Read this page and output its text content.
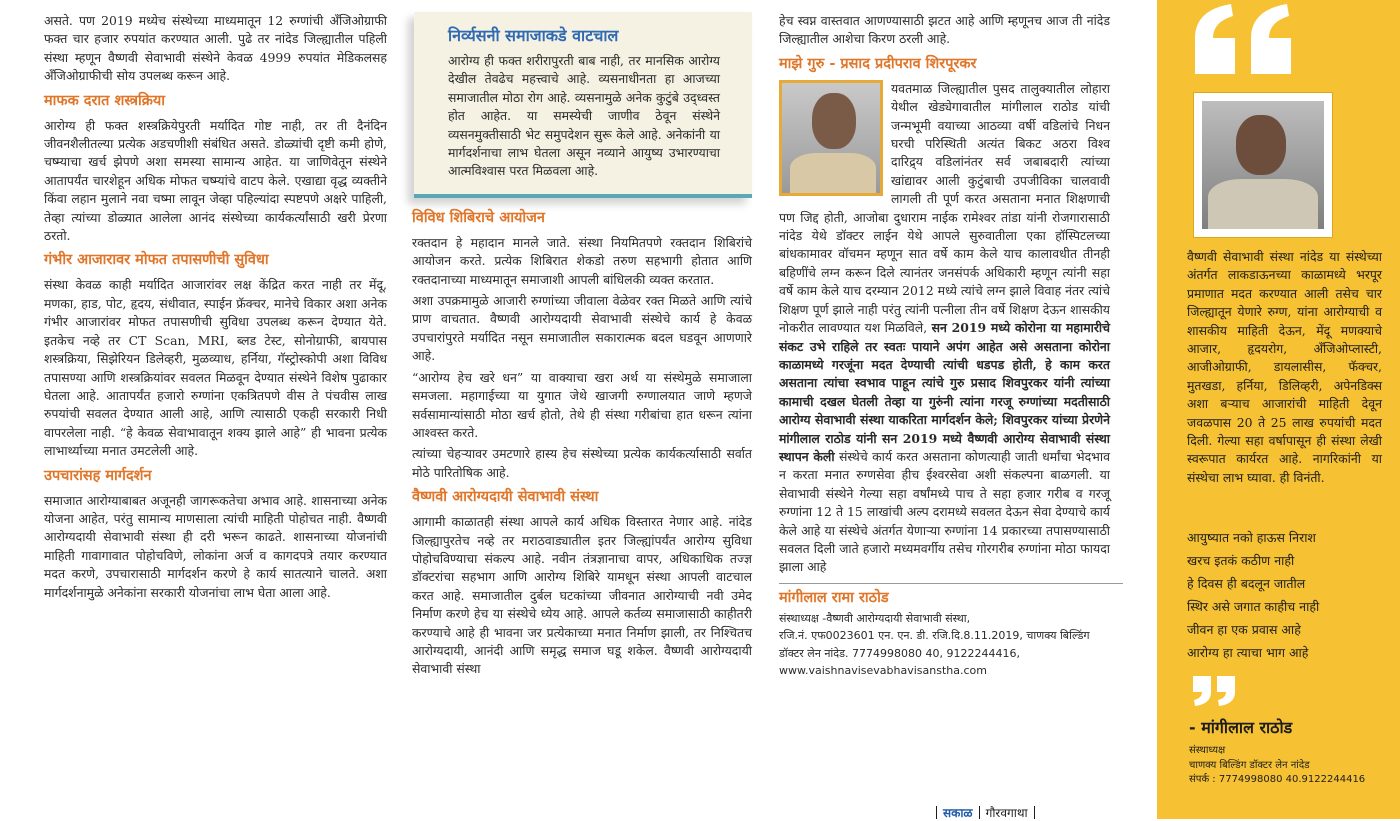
असते. पण 2019 मध्येच संस्थेच्या माध्यमातून 12 रुग्णांची अँजिओग्राफी फक्त चार हजार रुपयांत करण्यात आली. पुढे तर नांदेड जिल्ह्यातील पहिली संस्था म्हणून वैष्णवी सेवाभावी संस्थेने केवळ 4999 रुपयांत मेडिकलसह अँजिओग्राफीची सोय उपलब्ध करून आहे.

माफक दरात शस्त्रक्रिया

आरोग्य ही फक्त शस्त्रक्रियेपुरती मर्यादित गोष्ट नाही, तर ती दैनंदिन जीवनशैलीतल्या प्रत्येक अडचणीशी संबंधित असते. डोळ्यांची दृष्टी कमी होणे, चष्म्याचा खर्च झेपणे अशा समस्या सामान्य आहेत. या जाणिवेतून संस्थेने आतापर्यंत चारशेहून अधिक मोफत चष्म्यांचे वाटप केले. एखाद्या वृद्ध व्यक्तीने किंवा लहान मुलाने नवा चष्मा लावून जेव्हा पहिल्यांदा स्पष्टपणे अक्षरे पाहिली, तेव्हा त्यांच्या डोळ्यात आलेला आनंद संस्थेच्या कार्यकर्त्यांसाठी खरी प्रेरणा ठरतो.

गंभीर आजारावर मोफत तपासणीची सुविधा

संस्था केवळ काही मर्यादित आजारांवर लक्ष केंद्रित करत नाही तर मेंदू, मणका, हाड, पोट, हृदय, संधीवात, स्पाईन फ्रॅक्चर, मानेचे विकार अशा अनेक गंभीर आजारांवर मोफत तपासणीची सुविधा उपलब्ध करून देण्यात येते. इतकेच नव्हे तर CT Scan, MRI, ब्लड टेस्ट, सोनोग्राफी, बायपास शस्त्रक्रिया, सिझेरियन डिलेव्हरी, मुळव्याध, हर्निया, गॅस्ट्रोस्कोपी अशा विविध तपासण्या आणि शस्त्रक्रियांवर सवलत मिळवून देण्यात संस्थेने विशेष पुढाकार घेतला आहे. आतापर्यंत हजारो रुग्णांना एकत्रितपणे वीस ते पंचवीस लाख रुपयांची सवलत देण्यात आली आहे, आणि त्यासाठी एकही सरकारी निधी वापरलेला नाही. “हे केवळ सेवाभावातून शक्य झाले आहे” ही भावना प्रत्येक लाभार्थ्याच्या मनात उमटलेली आहे.

उपचारांसह मार्गदर्शन

समाजात आरोग्याबाबत अजूनही जागरूकतेचा अभाव आहे. शासनाच्या अनेक योजना आहेत, परंतु सामान्य माणसाला त्यांची माहिती पोहोचत नाही. वैष्णवी आरोग्यदायी सेवाभावी संस्था ही दरी भरून काढते. शासनाच्या योजनांची माहिती गावागावात पोहोचविणे, लोकांना अर्ज व कागदपत्रे तयार करण्यात मदत करणे, उपचारासाठी मार्गदर्शन करणे हे कार्य सातत्याने चालते. अशा मार्गदर्शनामुळे अनेकांना सरकारी योजनांचा लाभ घेता आला आहे.

निर्व्यसनी समाजाकडे वाटचाल

आरोग्य ही फक्त शरीरापुरती बाब नाही, तर मानसिक आरोग्य देखील तेवढेच महत्त्वाचे आहे. व्यसनाधीनता हा आजच्या समाजातील मोठा रोग आहे. व्यसनामुळे अनेक कुटुंबे उद्ध्वस्त होत आहेत. या समस्येची जाणीव ठेवून संस्थेने व्यसनमुक्तीसाठी भेट समुपदेशन सुरू केले आहे. अनेकांनी या मार्गदर्शनाचा लाभ घेतला असून नव्याने आयुष्य उभारण्याचा आत्मविश्वास परत मिळवला आहे.

विविध शिबिराचे आयोजन

रक्तदान हे महादान मानले जाते. संस्था नियमितपणे रक्तदान शिबिरांचे आयोजन करते. प्रत्येक शिबिरात शेकडो तरुण सहभागी होतात आणि रक्तदानाच्या माध्यमातून समाजाशी आपली बांधिलकी व्यक्त करतात.

अशा उपक्रमामुळे आजारी रुग्णांच्या जीवाला वेळेवर रक्त मिळते आणि त्यांचे प्राण वाचतात. वैष्णवी आरोग्यदायी सेवाभावी संस्थेचे कार्य हे केवळ उपचारांपुरते मर्यादित नसून समाजातील सकारात्मक बदल घडवून आणणारे आहे.

“आरोग्य हेच खरे धन” या वाक्याचा खरा अर्थ या संस्थेमुळे समाजाला समजला. महागाईच्या या युगात जेथे खाजगी रुग्णालयात जाणे म्हणजे सर्वसामान्यांसाठी मोठा खर्च होतो, तेथे ही संस्था गरीबांचा हात धरून त्यांना आश्वस्त करते.

त्यांच्या चेहऱ्यावर उमटणारे हास्य हेच संस्थेच्या प्रत्येक कार्यकर्त्यासाठी सर्वात मोठे पारितोषिक आहे.

वैष्णवी आरोग्यदायी सेवाभावी संस्था

आगामी काळातही संस्था आपले कार्य अधिक विस्तारत नेणार आहे. नांदेड जिल्ह्यापुरतेच नव्हे तर मराठवाड्यातील इतर जिल्ह्यांपर्यंत आरोग्य सुविधा पोहोचविण्याचा संकल्प आहे. नवीन तंत्रज्ञानाचा वापर, अधिकाधिक तज्ज्ञ डॉक्टरांचा सहभाग आणि आरोग्य शिबिरे यामधून संस्था आपली वाटचाल करत आहे. समाजातील दुर्बल घटकांच्या जीवनात आरोग्याची नवी उमेद निर्माण करणे हेच या संस्थेचे ध्येय आहे. आपले कर्तव्य समाजासाठी काहीतरी करण्याचे आहे ही भावना जर प्रत्येकाच्या मनात निर्माण झाली, तर निश्चितच आरोग्यदायी, आनंदी आणि समृद्ध समाज घडू शकेल. वैष्णवी आरोग्यदायी सेवाभावी संस्था

हेच स्वप्न वास्तवात आणण्यासाठी झटत आहे आणि म्हणूनच आज ती नांदेड जिल्ह्यातील आशेचा किरण ठरली आहे.

माझे गुरु - प्रसाद प्रदीपराव शिरपूरकर

यवतमाळ जिल्ह्यातील पुसद तालुक्यातील लोहारा येथील खेड्येगावातील मांगीलाल राठोड यांची जन्मभूमी वयाच्या आठव्या वर्षी वडिलांचे निधन घरची परिस्थिती अत्यंत बिकट अठरा विश्व दारिद्र्य वडिलांनंतर सर्व जबाबदारी त्यांच्या खांद्यावर आली कुटुंबाची उपजीविका चालवावी लागली ती पूर्ण करत असताना मनात शिक्षणाची पण जिद्द होती, आजोबा दुधाराम नाईक रामेश्वर तांडा यांनी रोजगारासाठी नांदेड येथे डॉक्टर लाईन येथे आपले सुरुवातीला एका हॉस्पिटलच्या बांधकामावर वॉचमन म्हणून सात वर्षे काम केले याच कालावधीत तीनही बहिणींचे लग्न करून दिले त्यानंतर जनसंपर्क अधिकारी म्हणून त्यांनी सहा वर्षे काम केले याच दरम्यान 2012 मध्ये त्यांचे लग्न झाले विवाह नंतर त्यांचे शिक्षण पूर्ण झाले नाही परंतु त्यांनी पत्नीला तीन वर्षे शिक्षण देऊन शासकीय नोकरीत लावण्यात यश मिळविले, सन 2019 मध्ये कोरोना या महामारीचे संकट उभे राहिले तर स्वतः पायाने अपंग आहेत असे असताना कोरोना काळामध्ये गरजूंना मदत देण्याची त्यांची धडपड होती, हे काम करत असताना त्यांचा स्वभाव पाहून त्यांचे गुरु प्रसाद शिवपुरकर यांनी त्यांच्या कामाची दखल घेतली तेव्हा या गुरुंनी त्यांना गरजू रुग्णांच्या मदतीसाठी आरोग्य सेवाभावी संस्था याकरिता मार्गदर्शन केले; शिवपुरकर यांच्या प्रेरणेने मांगीलाल राठोड यांनी सन 2019 मध्ये वैष्णवी आरोग्य सेवाभावी संस्था स्थापन केली संस्थेचे कार्य करत असताना कोणत्याही जाती धर्मांचा भेदभाव न करता मनात रुग्णसेवा हीच ईश्वरसेवा अशी संकल्पना बाळगली. या सेवाभावी संस्थेने गेल्या सहा वर्षांमध्ये पाच ते सहा हजार गरीब व गरजू रुग्णांना 12 ते 15 लाखांची अल्प दरामध्ये सवलत देऊन सेवा देण्याचे कार्य केले आहे या संस्थेचे अंतर्गत येणाऱ्या रुग्णांना 14 प्रकारच्या तपासण्यासाठी सवलत दिली जाते हजारो मध्यमवर्गीय तसेच गोरगरीब रुग्णांना मोठा फायदा झाला आहे

मांगीलाल रामा राठोड
संस्थाध्यक्ष -वैष्णवी आरोग्यदायी सेवाभावी संस्था,
रजि.नं. एफ0023601 एन. एन. डी. रजि.दि.8.11.2019, चाणक्य बिल्डिंग
डॉक्टर लेन नांदेड. 7774998080 40, 9122244416,
www.vaishnavisevabhavisanstha.com
वैष्णवी सेवाभावी संस्था नांदेड या संस्थेच्या अंतर्गत लाकडाऊनच्या काळामध्ये भरपूर प्रमाणात मदत करण्यात आली तसेच चार जिल्ह्यातून येणारे रुग्ण, यांना आरोग्याची व शासकीय माहिती देऊन, मेंदू मणक्याचे आजार, हृदयरोग, अँजिओप्लास्टी, आजीओग्राफी, डायलासीस, फॅक्चर, मुतखडा, हर्निया, डिलिव्हरी, अपेनडिक्स अशा बऱ्याच आजारांची माहिती देवून जवळपास 20 ते 25 लाख रुपयांची मदत दिली. गेल्या सहा वर्षापासून ही संस्था लेखी स्वरूपात कार्यरत आहे. नागरिकांनी या संस्थेचा लाभ घ्यावा. ही विनंती.
आयुष्यात नको हाऊस निराश
खरच इतकं कठीण नाही
हे दिवस ही बदलून जातील
स्थिर असे जगात काहीच नाही
जीवन हा एक प्रवास आहे
आरोग्य हा त्याचा भाग आहे
- मांगीलाल राठोड
संस्थाध्यक्ष
चाणक्य बिल्डिंग डॉक्टर लेन नांदेड
संपर्क : 7774998080 40.9122244416
सकाळ गौरवगाथा
